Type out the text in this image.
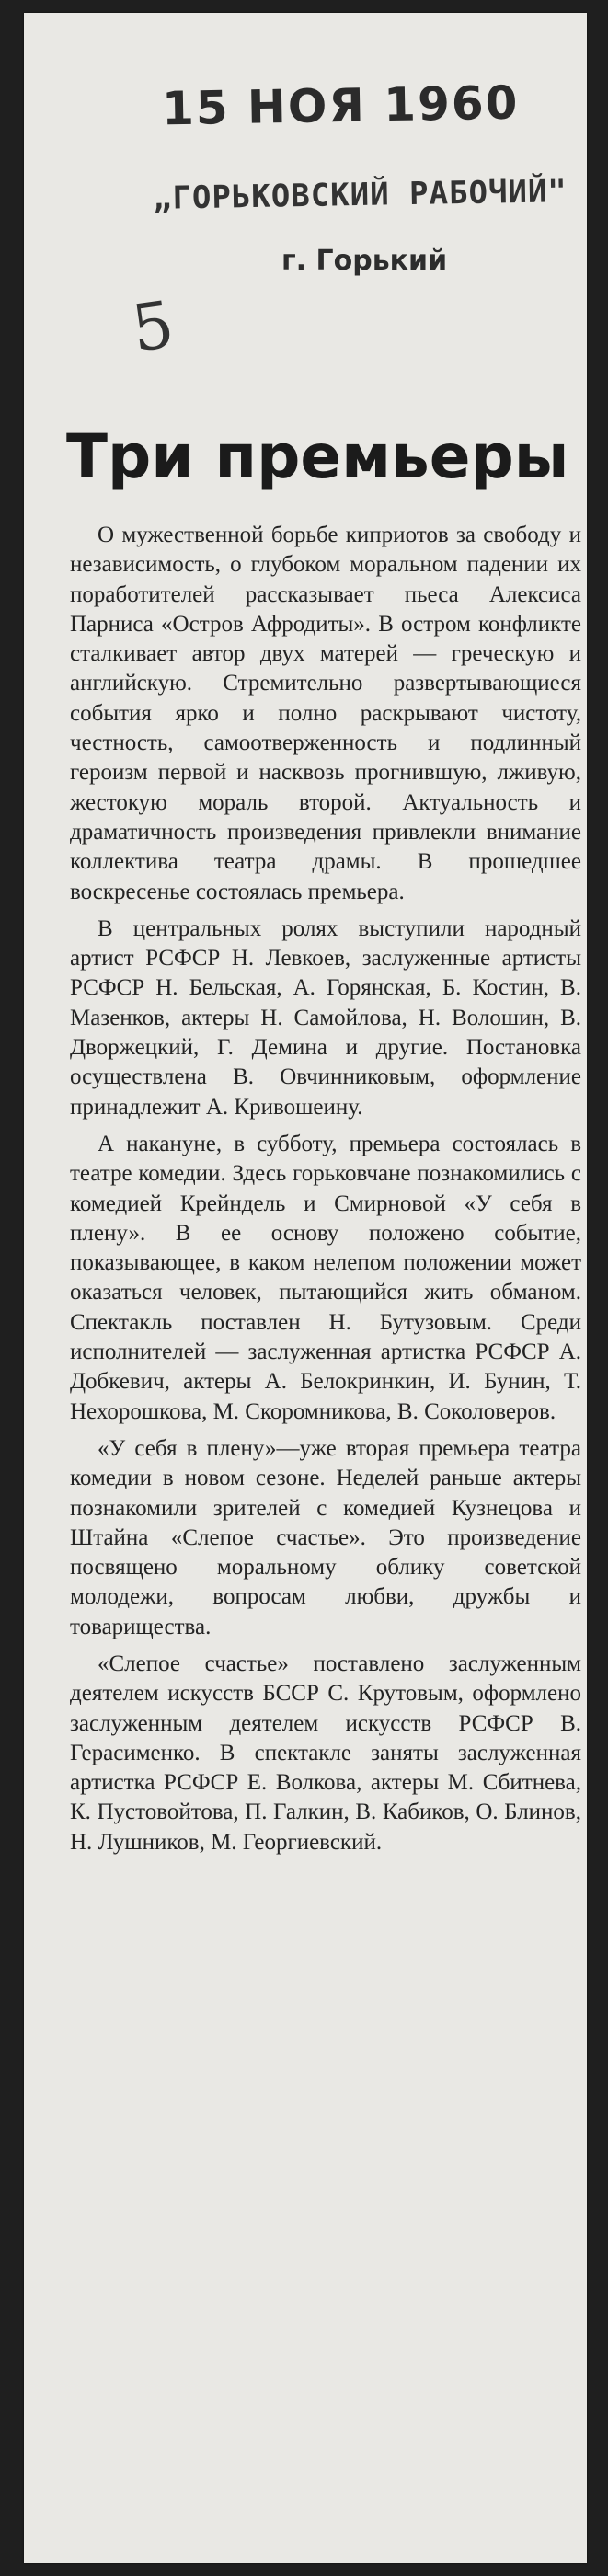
15 НОЯ 1960
„ГОРЬКОВСКИЙ РАБОЧИЙ"
г. Горький
5
Три премьеры

О мужественной борьбе киприотов за свободу и независимость, о глубоком моральном падении их поработителей рассказывает пьеса Алексиса Парниса «Остров Афродиты». В остром конфликте сталкивает автор двух матерей — греческую и английскую. Стремительно развертывающиеся события ярко и полно раскрывают чистоту, честность, самоотверженность и подлинный героизм первой и насквозь прогнившую, лживую, жестокую мораль второй. Актуальность и драматичность произведения привлекли внимание коллектива театра драмы. В прошедшее воскресенье состоялась премьера.

В центральных ролях выступили народный артист РСФСР Н. Левкоев, заслуженные артисты РСФСР Н. Бельская, А. Горянская, Б. Костин, В. Мазенков, актеры Н. Самойлова, Н. Волошин, В. Дворжецкий, Г. Демина и другие. Постановка осуществлена В. Овчинниковым, оформление принадлежит А. Кривошеину.

А накануне, в субботу, премьера состоялась в театре комедии. Здесь горьковчане познакомились с комедией Крейндель и Смирновой «У себя в плену». В ее основу положено событие, показывающее, в каком нелепом положении может оказаться человек, пытающийся жить обманом. Спектакль поставлен Н. Бутузовым. Среди исполнителей — заслуженная артистка РСФСР А. Добкевич, актеры А. Белокринкин, И. Бунин, Т. Нехорошкова, М. Скоромникова, В. Соколоверов.

«У себя в плену»—уже вторая премьера театра комедии в новом сезоне. Неделей раньше актеры познакомили зрителей с комедией Кузнецова и Штайна «Слепое счастье». Это произведение посвящено моральному облику советской молодежи, вопросам любви, дружбы и товарищества.

«Слепое счастье» поставлено заслуженным деятелем искусств БССР С. Крутовым, оформлено заслуженным деятелем искусств РСФСР В. Герасименко. В спектакле заняты заслуженная артистка РСФСР Е. Волкова, актеры М. Сбитнева, К. Пустовойтова, П. Галкин, В. Кабиков, О. Блинов, Н. Лушников, М. Георгиевский.
